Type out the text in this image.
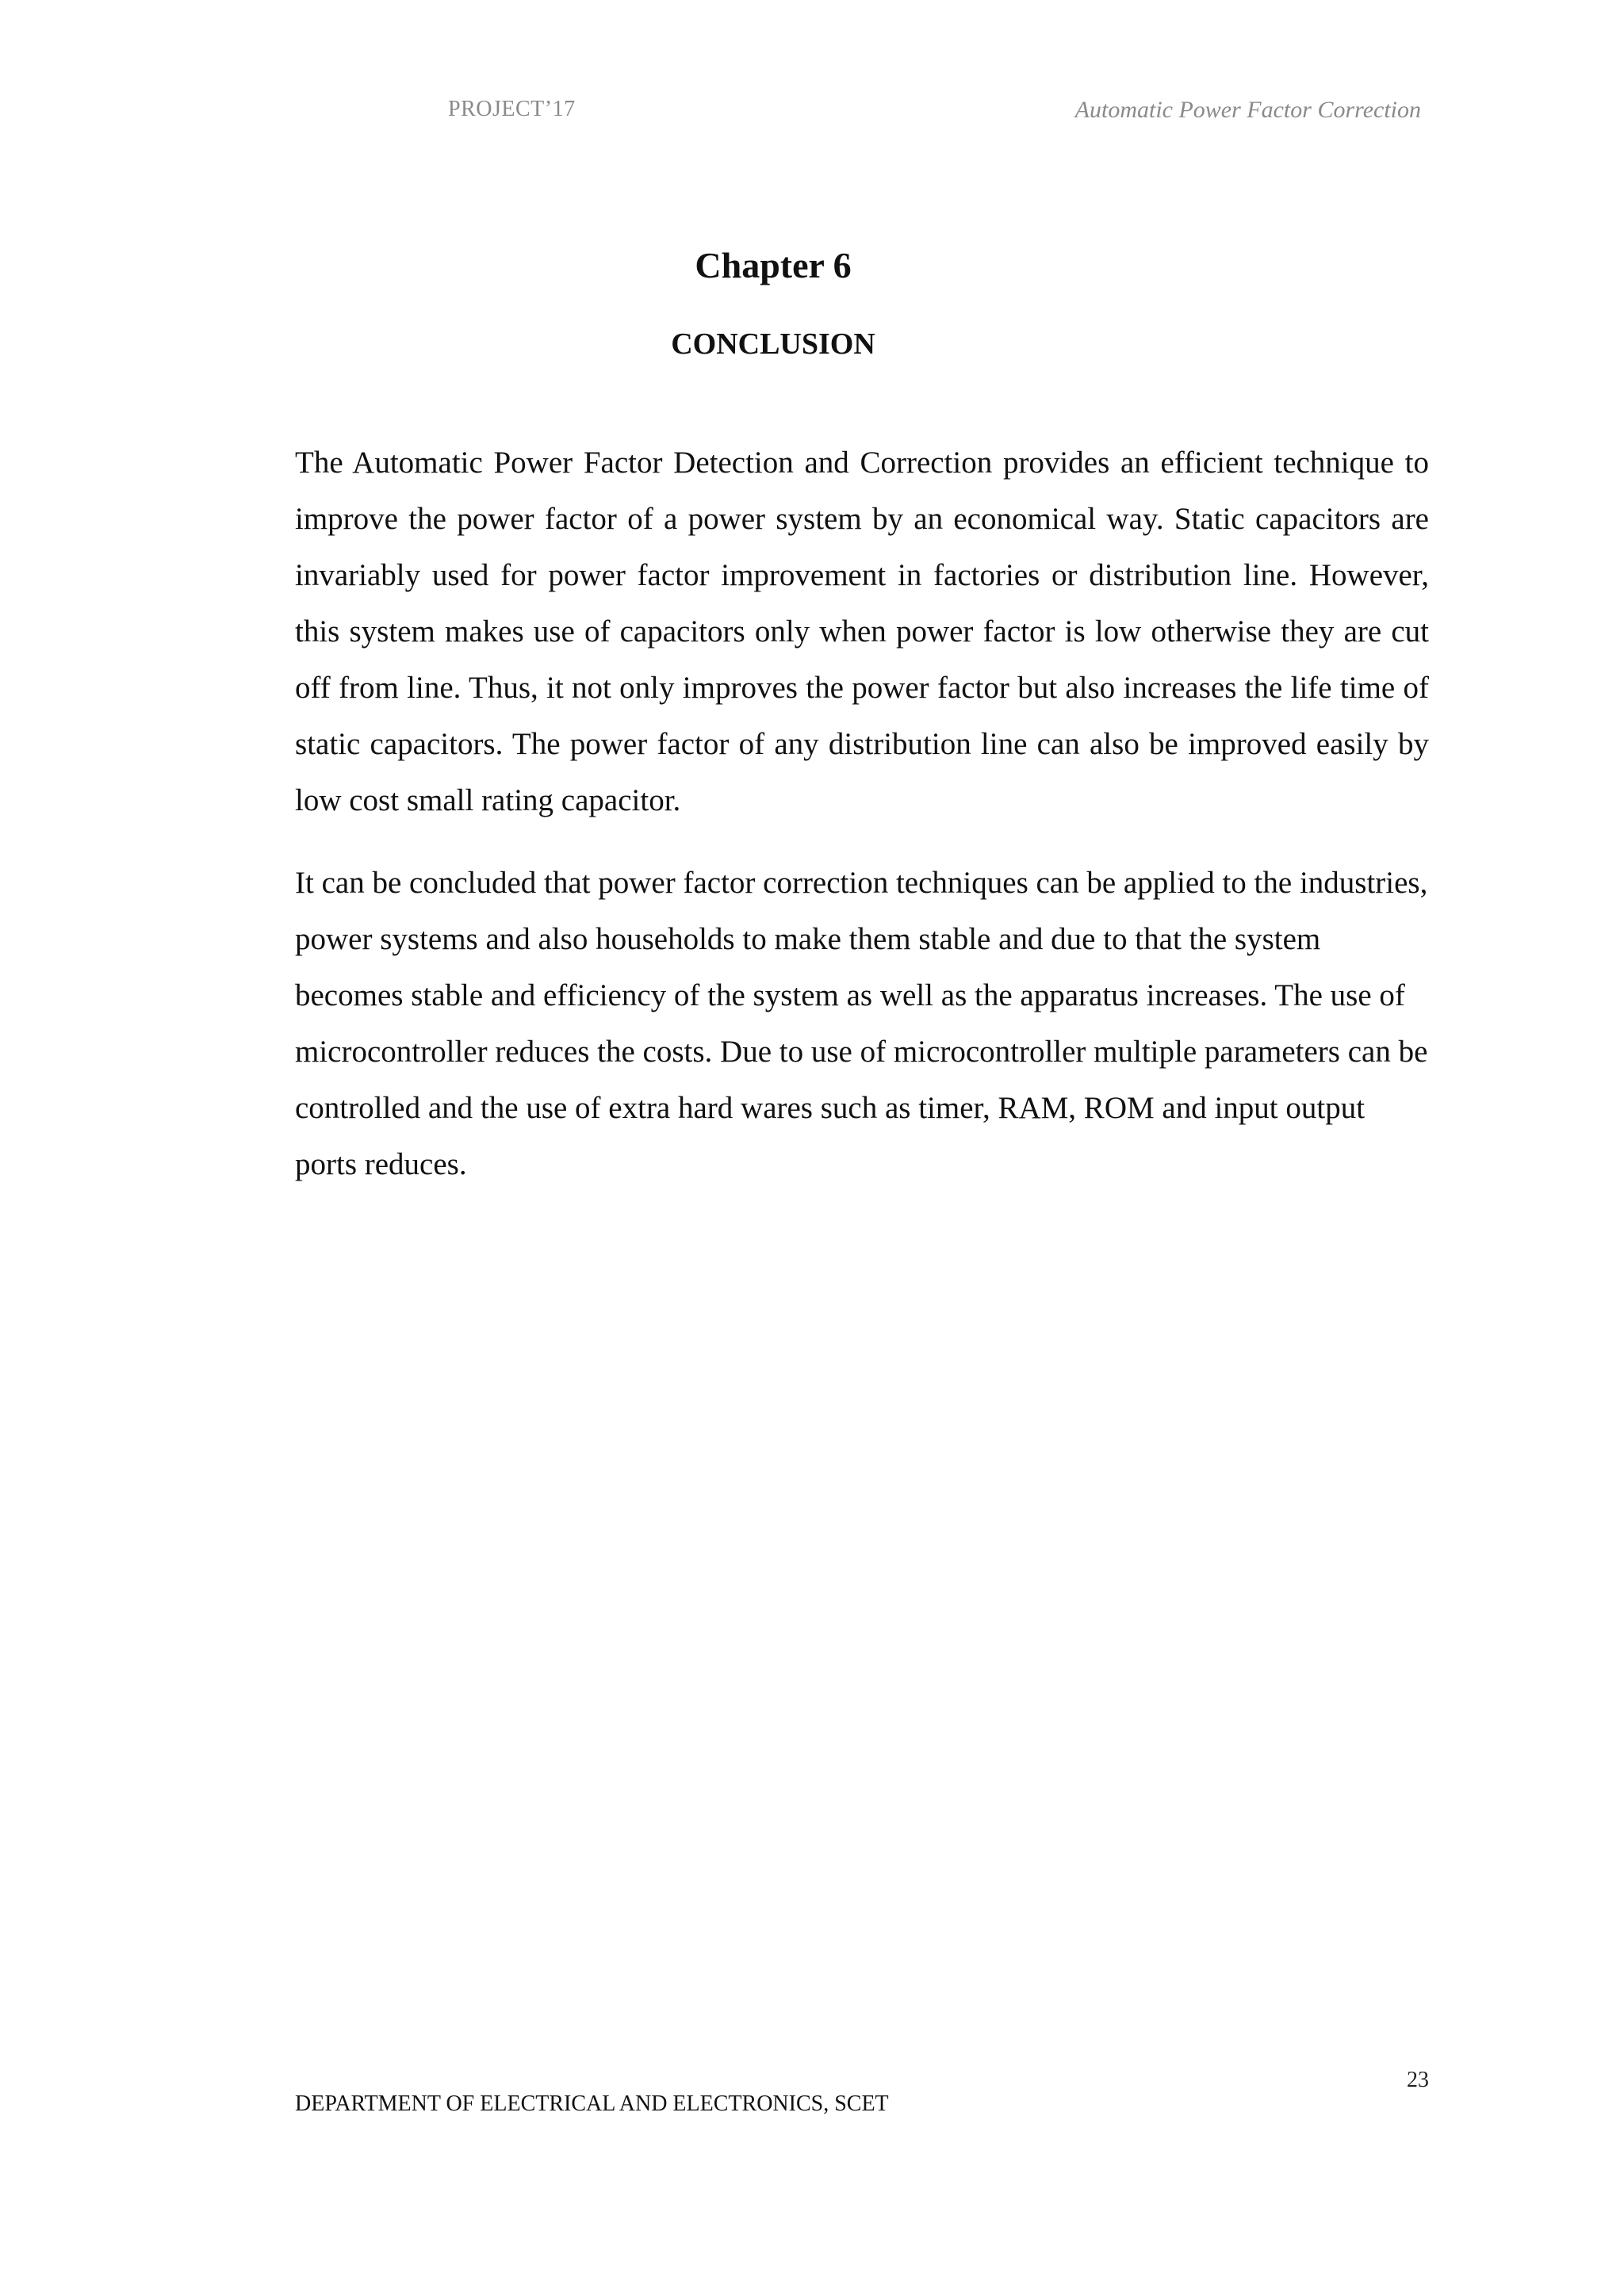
PROJECT’17	Automatic Power Factor Correction
Chapter 6
CONCLUSION

The Automatic Power Factor Detection and Correction provides an efficient technique to improve the power factor of a power system by an economical way. Static capacitors are invariably used for power factor improvement in factories or distribution line. However, this system makes use of capacitors only when power factor is low otherwise they are cut off from line. Thus, it not only improves the power factor but also increases the life time of static capacitors. The power factor of any distribution line can also be improved easily by low cost small rating capacitor.

It can be concluded that power factor correction techniques can be applied to the industries, power systems and also households to make them stable and due to that the system becomes stable and efficiency of the system as well as the apparatus increases. The use of microcontroller reduces the costs. Due to use of microcontroller multiple parameters can be controlled and the use of extra hard wares such as timer, RAM, ROM and input output ports reduces.

23
DEPARTMENT OF ELECTRICAL AND ELECTRONICS, SCET
